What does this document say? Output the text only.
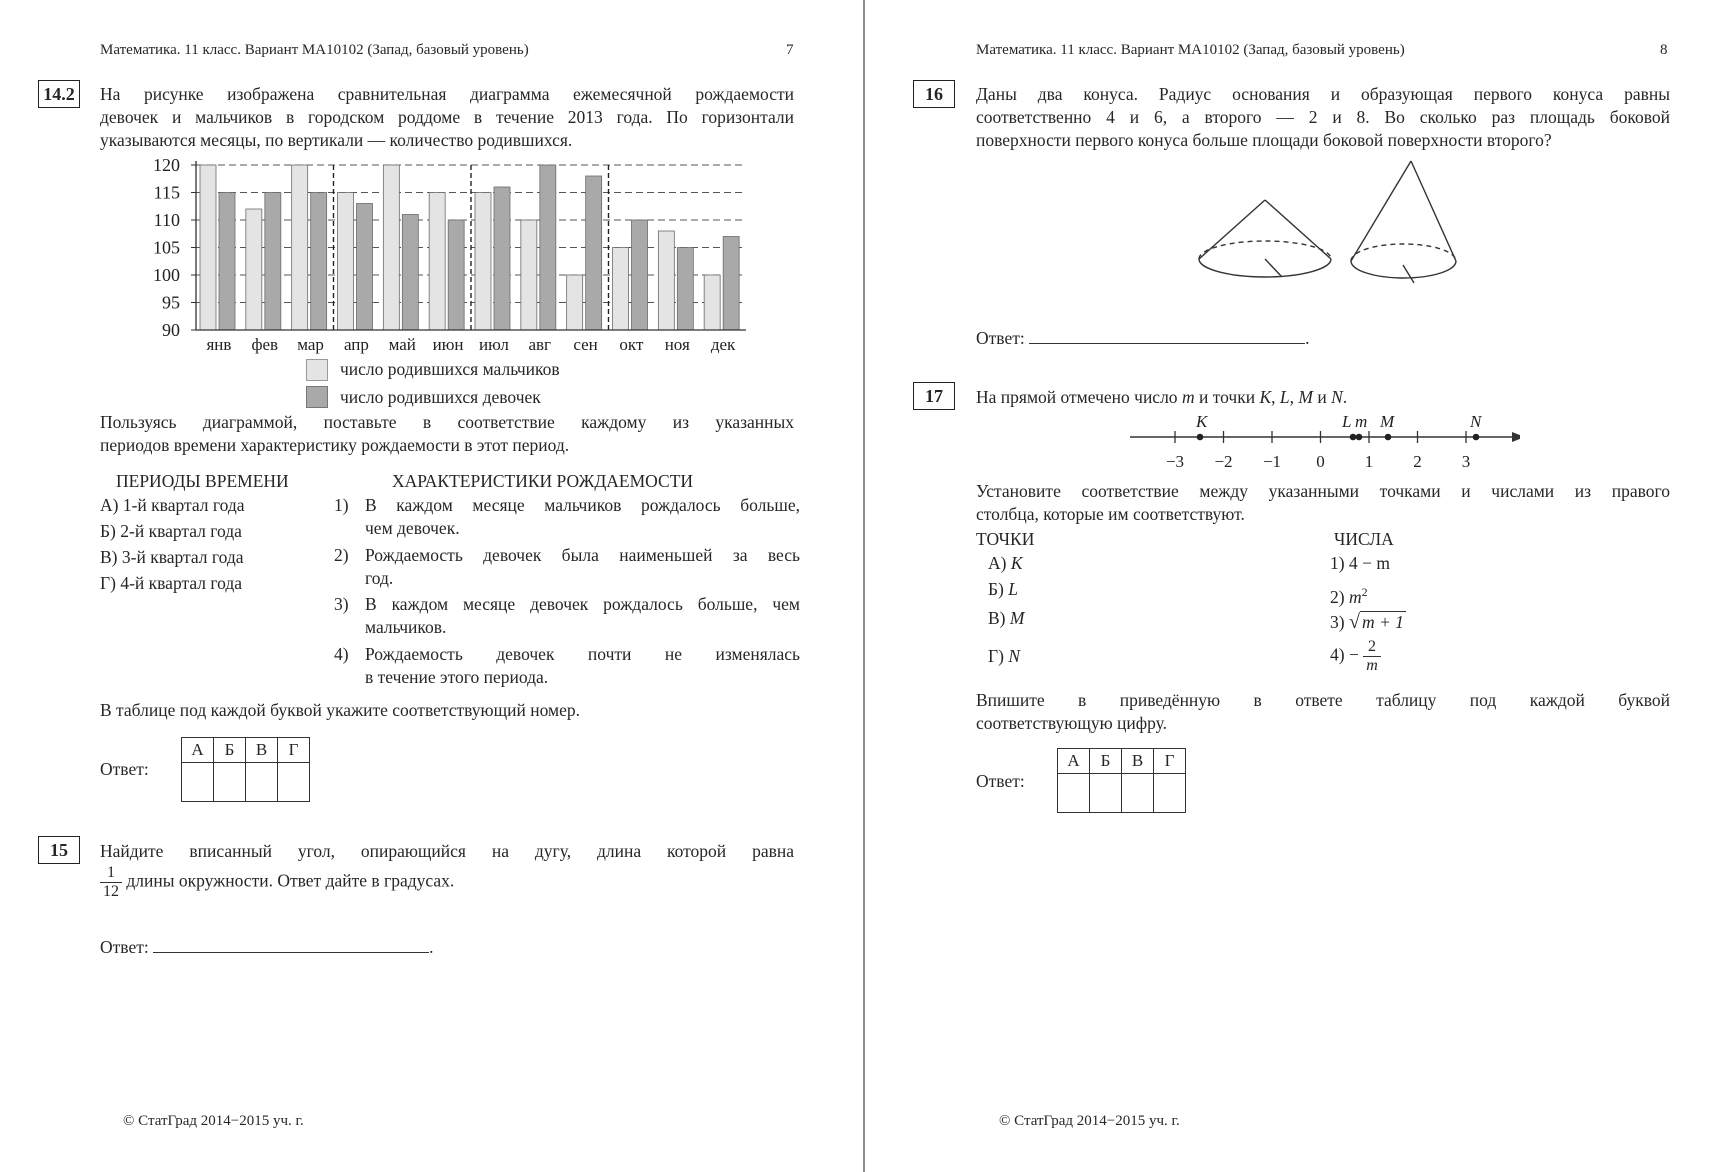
Математика. 11 класс. Вариант МА10102 (Запад, базовый уровень)	7
14.2	На рисунке изображена сравнительная диаграмма ежемесячной рождаемости
девочек и мальчиков в городском роддоме в течение 2013 года. По горизонтали
указываются месяцы, по вертикали — количество родившихся.
90
95
100
105
110
115
120
янв фев мар апр май июн июл авг сен окт ноя дек
число родившихся мальчиков
число родившихся девочек
Пользуясь диаграммой, поставьте в соответствие каждому из указанных
периодов времени характеристику рождаемости в этот период.
ПЕРИОДЫ ВРЕМЕНИ	ХАРАКТЕРИСТИКИ РОЖДАЕМОСТИ
А) 1-й квартал года
Б) 2-й квартал года
В) 3-й квартал года
Г) 4-й квартал года
1) В каждом месяце мальчиков рождалось больше,
чем девочек.
2) Рождаемость девочек была наименьшей за весь
год.
3) В каждом месяце девочек рождалось больше, чем
мальчиков.
4) Рождаемость девочек почти не изменялась
в течение этого периода.
В таблице под каждой буквой укажите соответствующий номер.
Ответ:
А	Б	В	Г

15	Найдите вписанный угол, опирающийся на дугу, длина которой равна
$\frac{1}{12}$ длины окружности. Ответ дайте в градусах.
Ответ:	.
© СтатГрад 2014−2015 уч. г.
Математика. 11 класс. Вариант МА10102 (Запад, базовый уровень)	8
16	Даны два конуса. Радиус основания и образующая первого конуса равны
соответственно 4 и 6, а второго — 2 и 8. Во сколько раз площадь боковой
поверхности первого конуса больше площади боковой поверхности второго?
Ответ:	.
17	На прямой отмечено число m и точки K, L, M и N.
−3 −2 −1 0 1 2 3
K	L m M	N
Установите соответствие между указанными точками и числами из правого
столбца, которые им соответствуют.
ТОЧКИ	ЧИСЛА
А) K
Б) L
В) M
Г) N
1) 4 − m
2) $m^2$
3) √ m + 1
$4) - \frac{2}{m}$
Впишите в приведённую в ответе таблицу под каждой буквой
соответствующую цифру.
Ответ:
А	Б	В	Г

© СтатГрад 2014−2015 уч. г.
